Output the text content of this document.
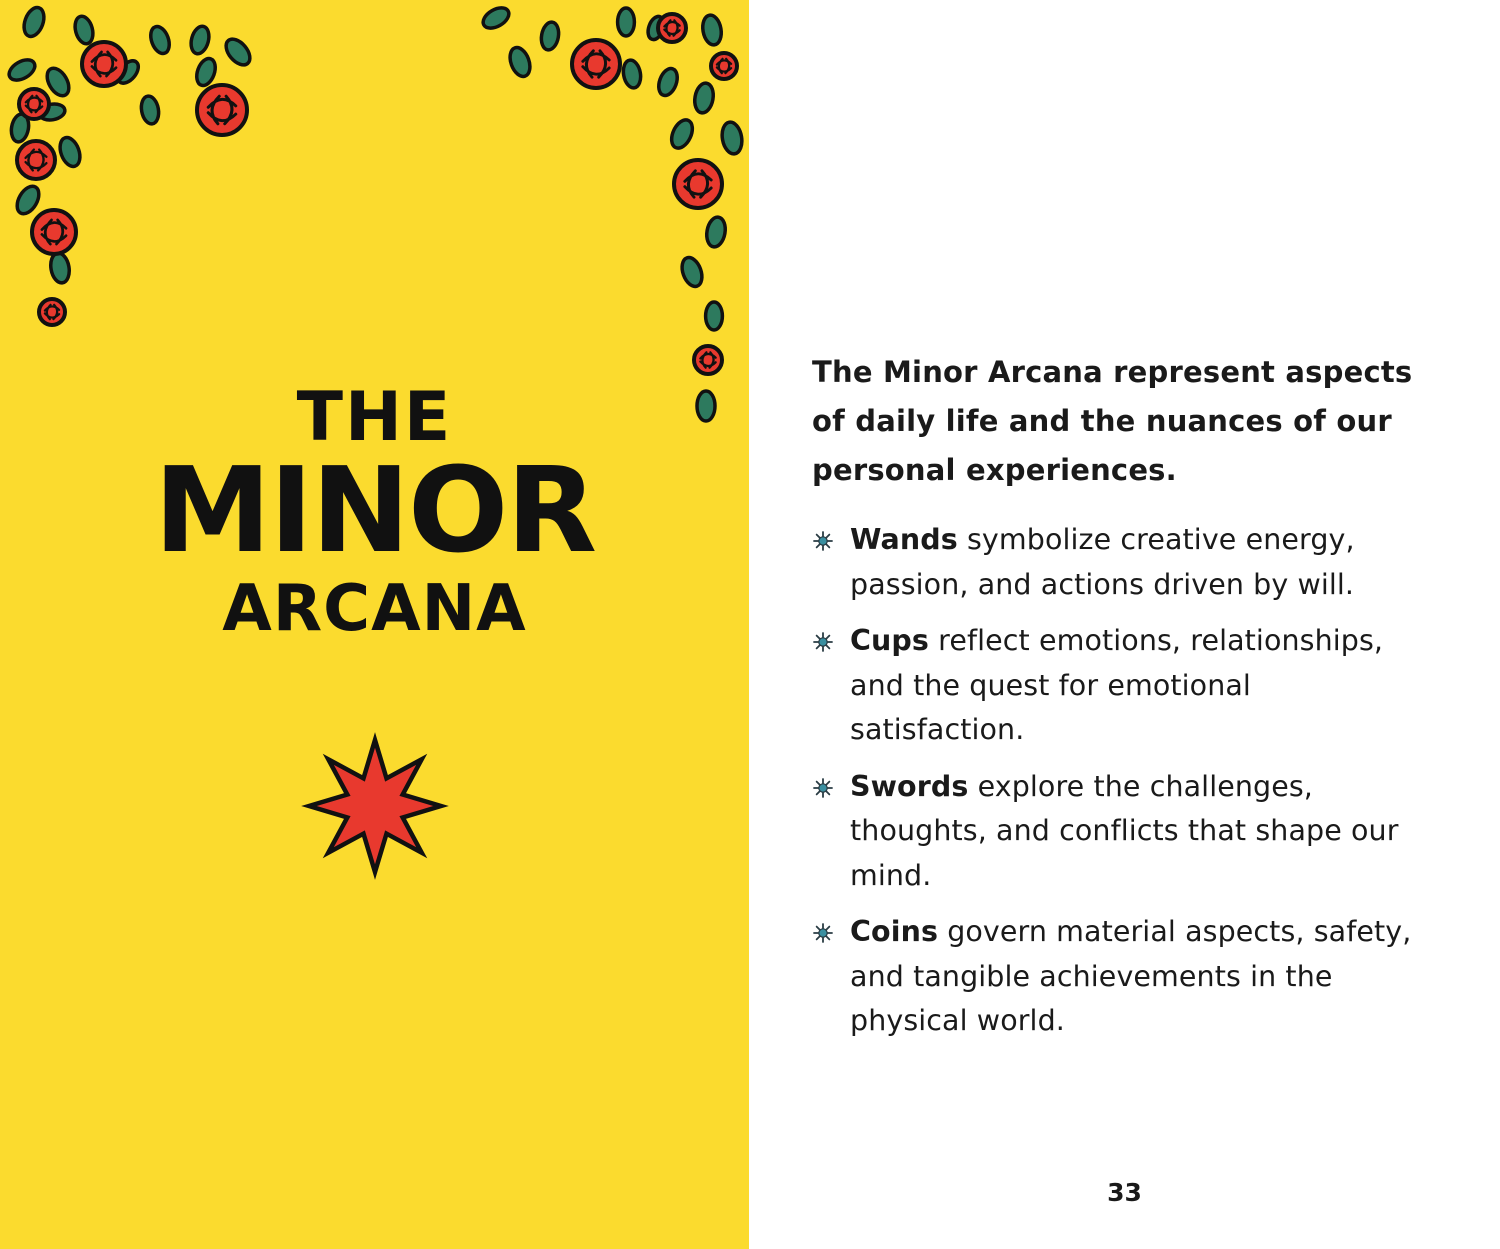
THE
MINOR
ARCANA

The Minor Arcana represent aspects of daily life and the nuances of our personal experiences.

Wands symbolize creative energy, passion, and actions driven by will.
Cups reflect emotions, relationships, and the quest for emotional satisfaction.
Swords explore the challenges, thoughts, and conflicts that shape our mind.
Coins govern material aspects, safety, and tangible achievements in the physical world.
33
